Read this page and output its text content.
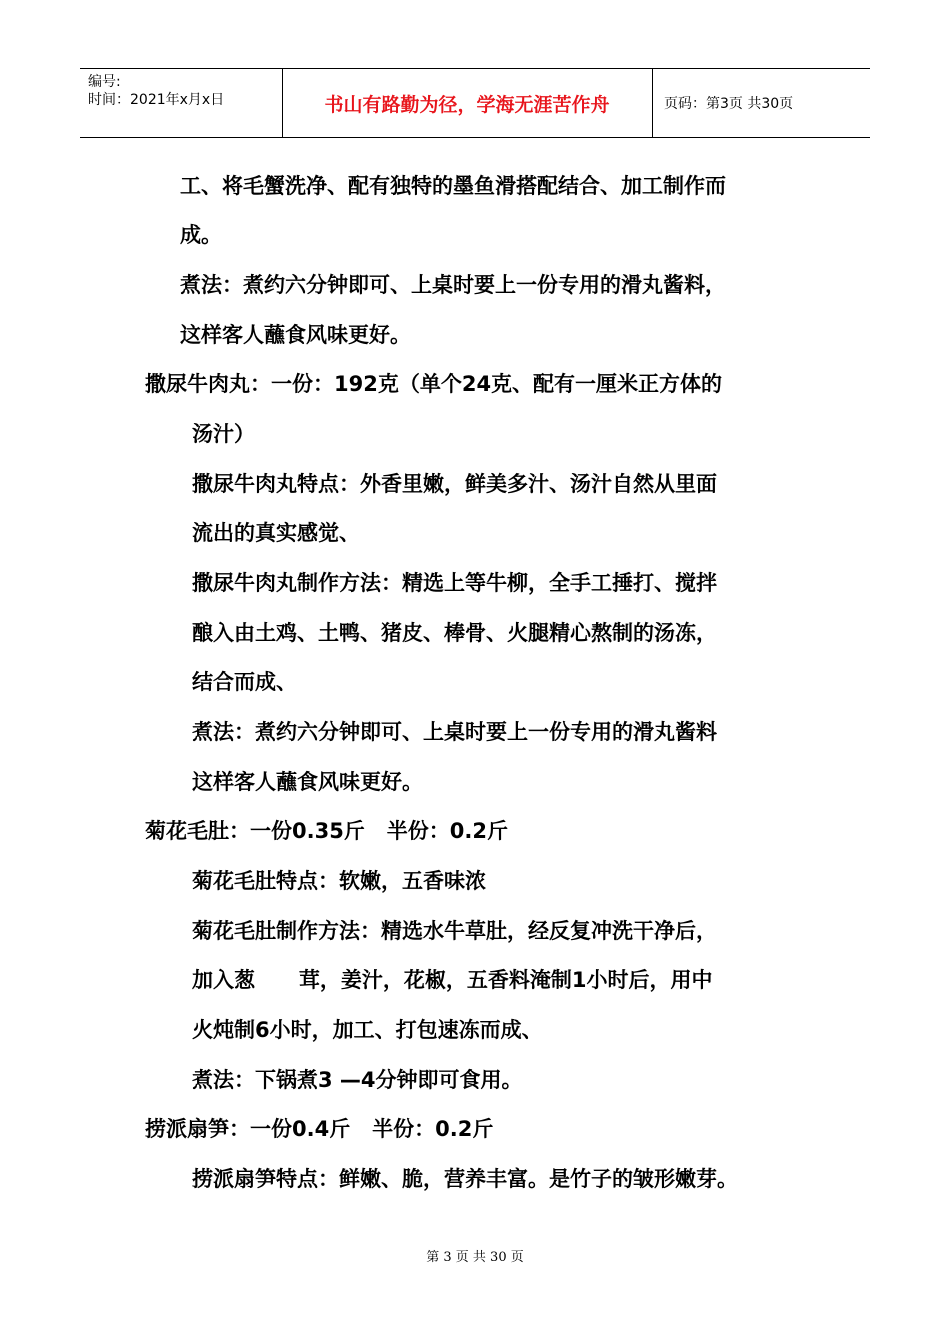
编号:
时间：2021年x月x日	书山有路勤为径，学海无涯苦作舟	页码：第3页 共30页
工、将毛蟹洗净、配有独特的墨鱼滑搭配结合、加工制作而
成。
煮法：煮约六分钟即可、上桌时要上一份专用的滑丸酱料，
这样客人蘸食风味更好。
撒尿牛肉丸：一份：192克（单个24克、配有一厘米正方体的
汤汁）
撒尿牛肉丸特点：外香里嫩，鲜美多汁、汤汁自然从里面
流出的真实感觉、
撒尿牛肉丸制作方法：精选上等牛柳，全手工捶打、搅拌
酿入由土鸡、土鸭、猪皮、棒骨、火腿精心熬制的汤冻，
结合而成、
煮法：煮约六分钟即可、上桌时要上一份专用的滑丸酱料
这样客人蘸食风味更好。
菊花毛肚：一份0.35斤   半份：0.2斤
菊花毛肚特点：软嫩，五香味浓
菊花毛肚制作方法：精选水牛草肚，经反复冲洗干净后，
加入葱      茸，姜汁，花椒，五香料淹制1小时后，用中
火炖制6小时，加工、打包速冻而成、
煮法：下锅煮3 —4分钟即可食用。
捞派扇笋：一份0.4斤   半份：0.2斤
捞派扇笋特点：鲜嫩、脆，营养丰富。是竹子的皱形嫩芽。
第 3 页 共 30 页
